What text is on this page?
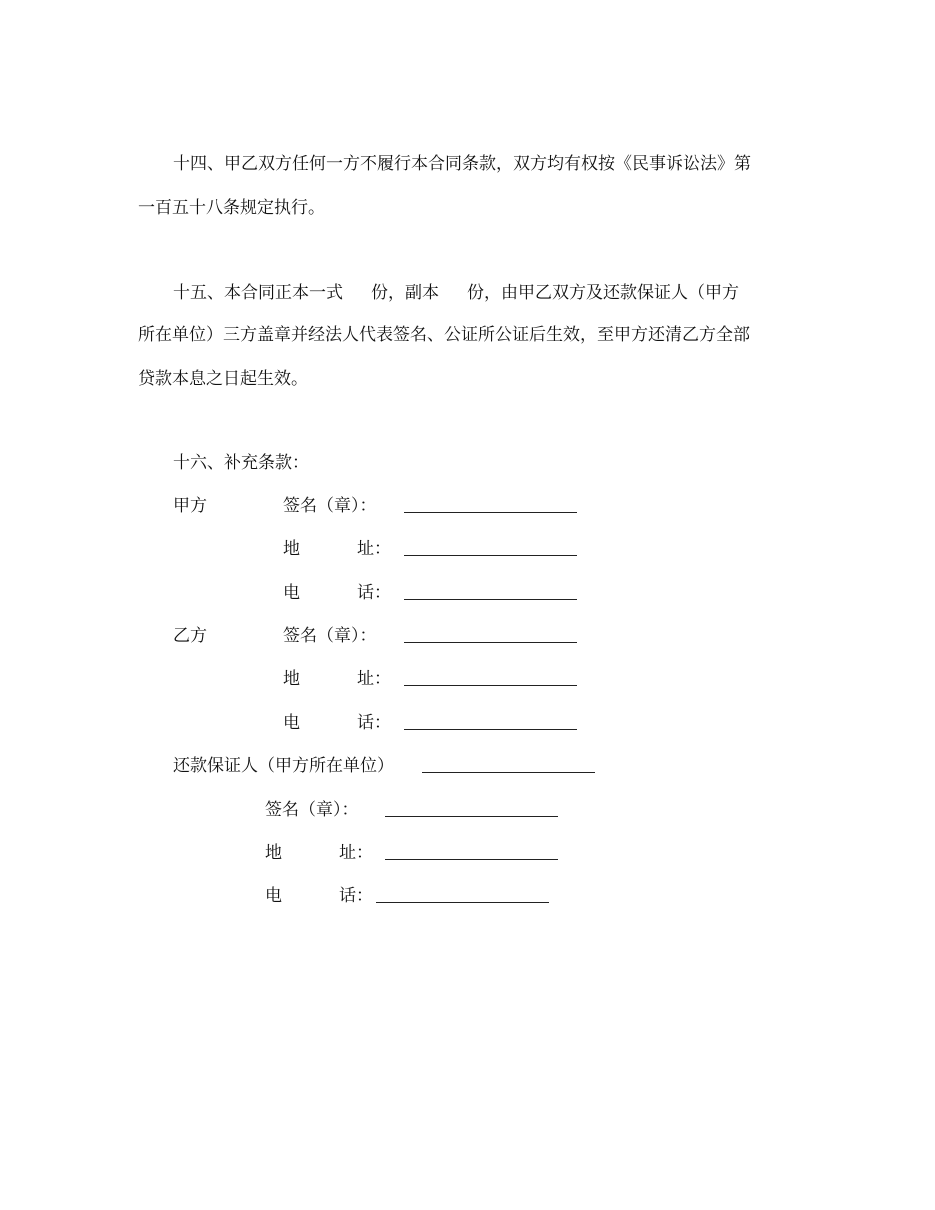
十四、甲乙双方任何一方不履行本合同条款，双方均有权按《民事诉讼法》第
一百五十八条规定执行。
十五、本合同正本一式 份，副本 份，由甲乙双方及还款保证人（甲方
所在单位）三方盖章并经法人代表签名、公证所公证后生效，至甲方还清乙方全部
贷款本息之日起生效。
十六、补充条款：
甲方	签名（章）：
地	址：
电	话：
乙方	签名（章）：
地	址：
电	话：
还款保证人（甲方所在单位）
签名（章）：
地	址：
电	话：
